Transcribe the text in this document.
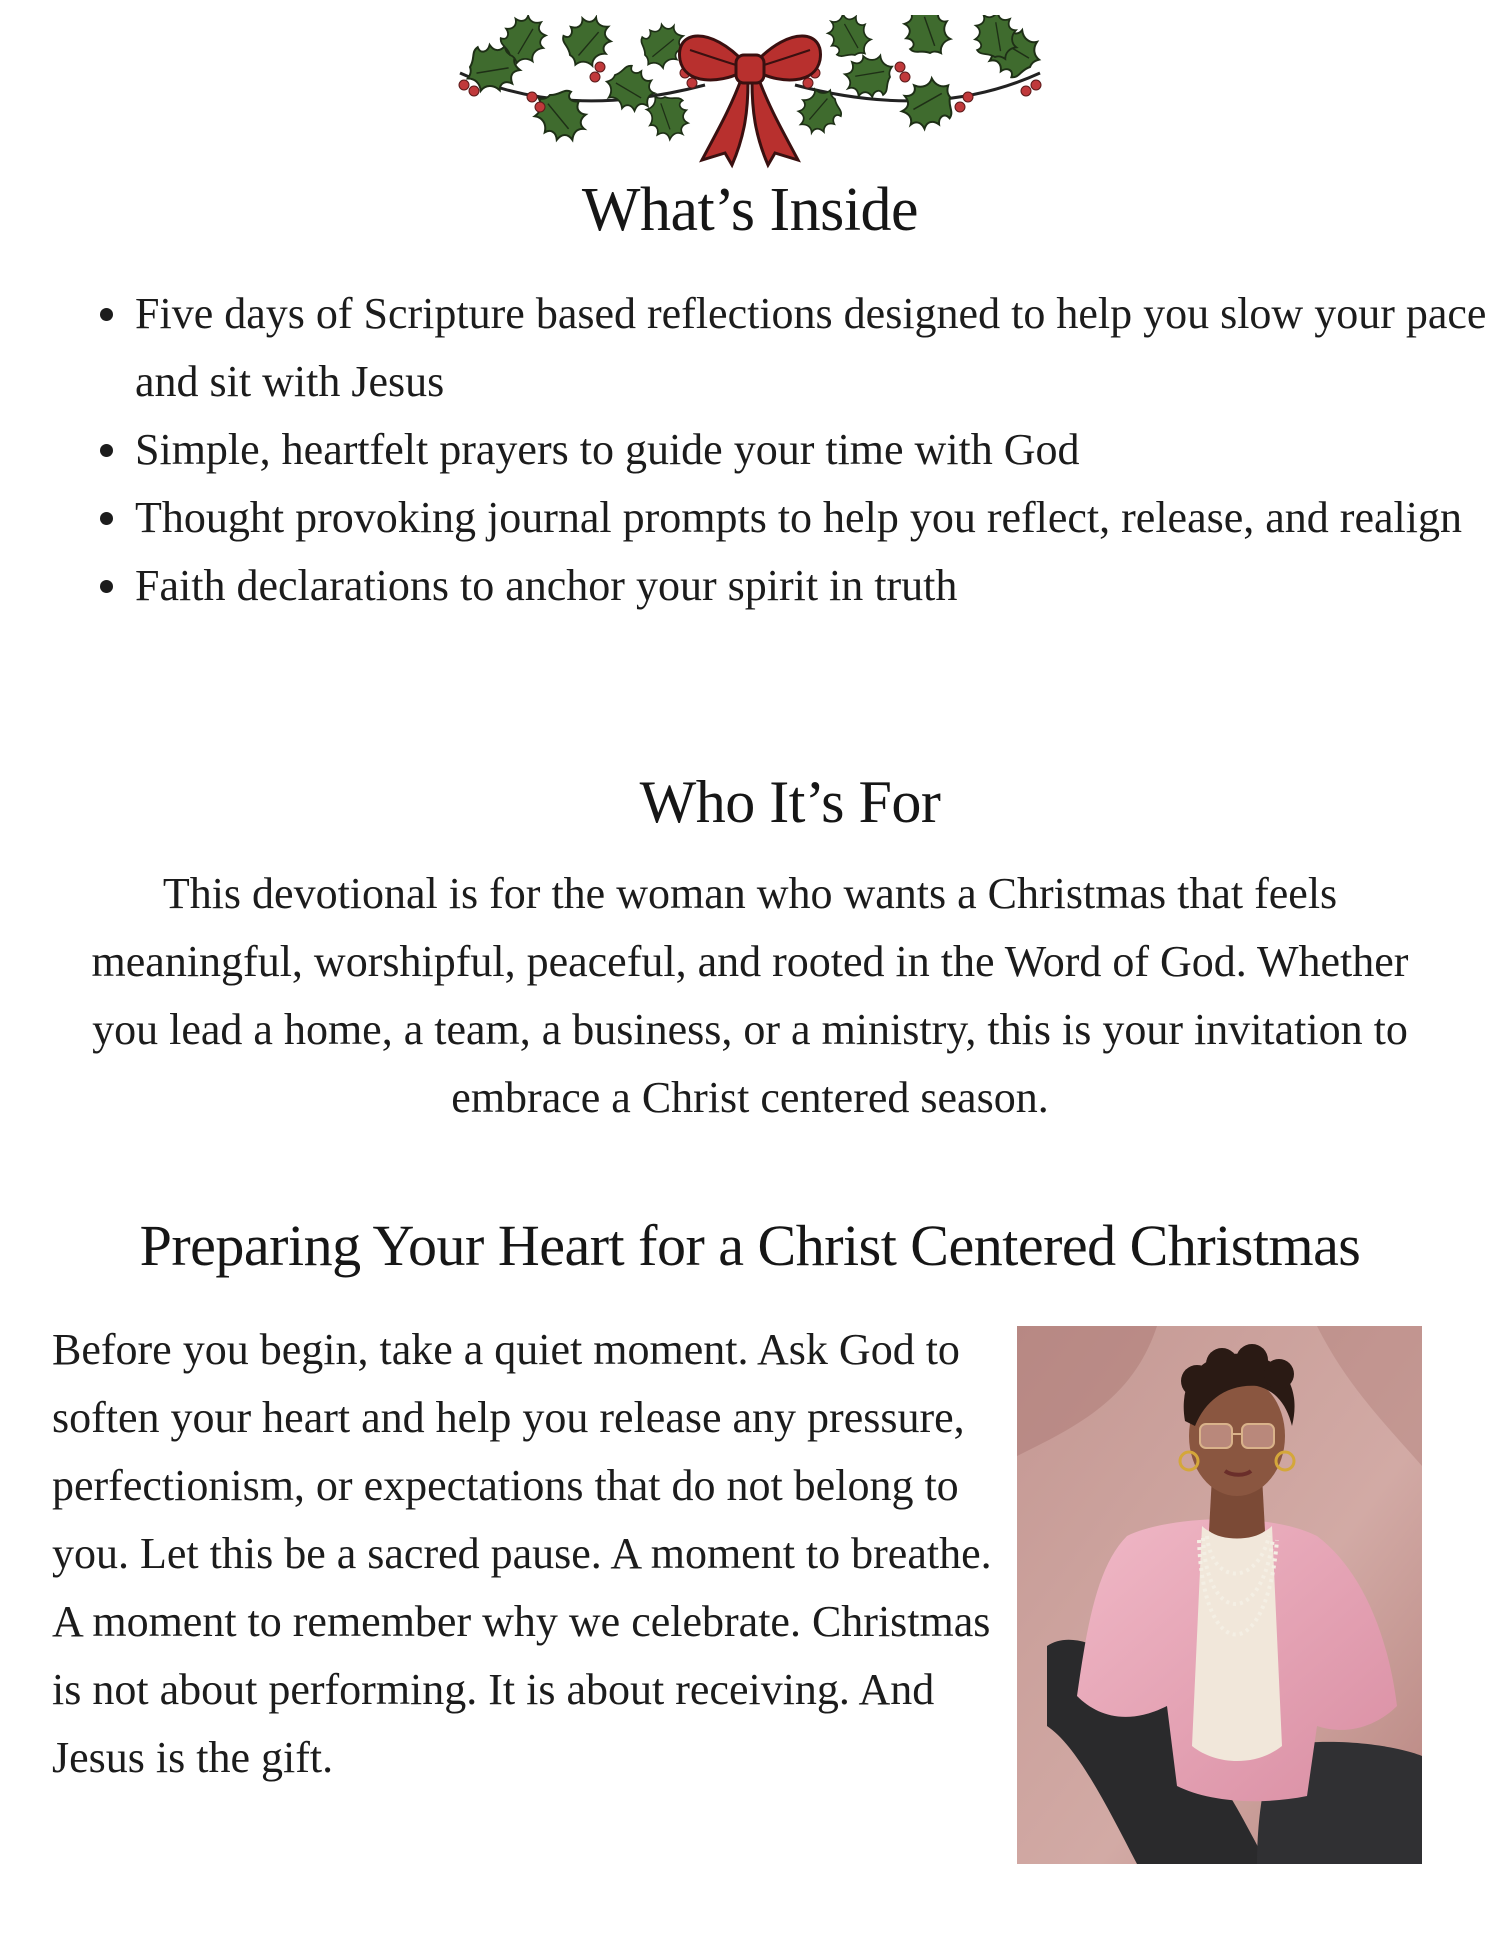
What’s Inside
• Five days of Scripture based reflections designed to help you slow your pace and sit with Jesus
• Simple, heartfelt prayers to guide your time with God
• Thought provoking journal prompts to help you reflect, release, and realign
• Faith declarations to anchor your spirit in truth
Who It’s For

This devotional is for the woman who wants a Christmas that feels meaningful, worshipful, peaceful, and rooted in the Word of God. Whether you lead a home, a team, a business, or a ministry, this is your invitation to embrace a Christ centered season.

Preparing Your Heart for a Christ Centered Christmas

Before you begin, take a quiet moment. Ask God to soften your heart and help you release any pressure, perfectionism, or expectations that do not belong to you. Let this be a sacred pause. A moment to breathe. A moment to remember why we celebrate. Christmas is not about performing. It is about receiving. And Jesus is the gift.
